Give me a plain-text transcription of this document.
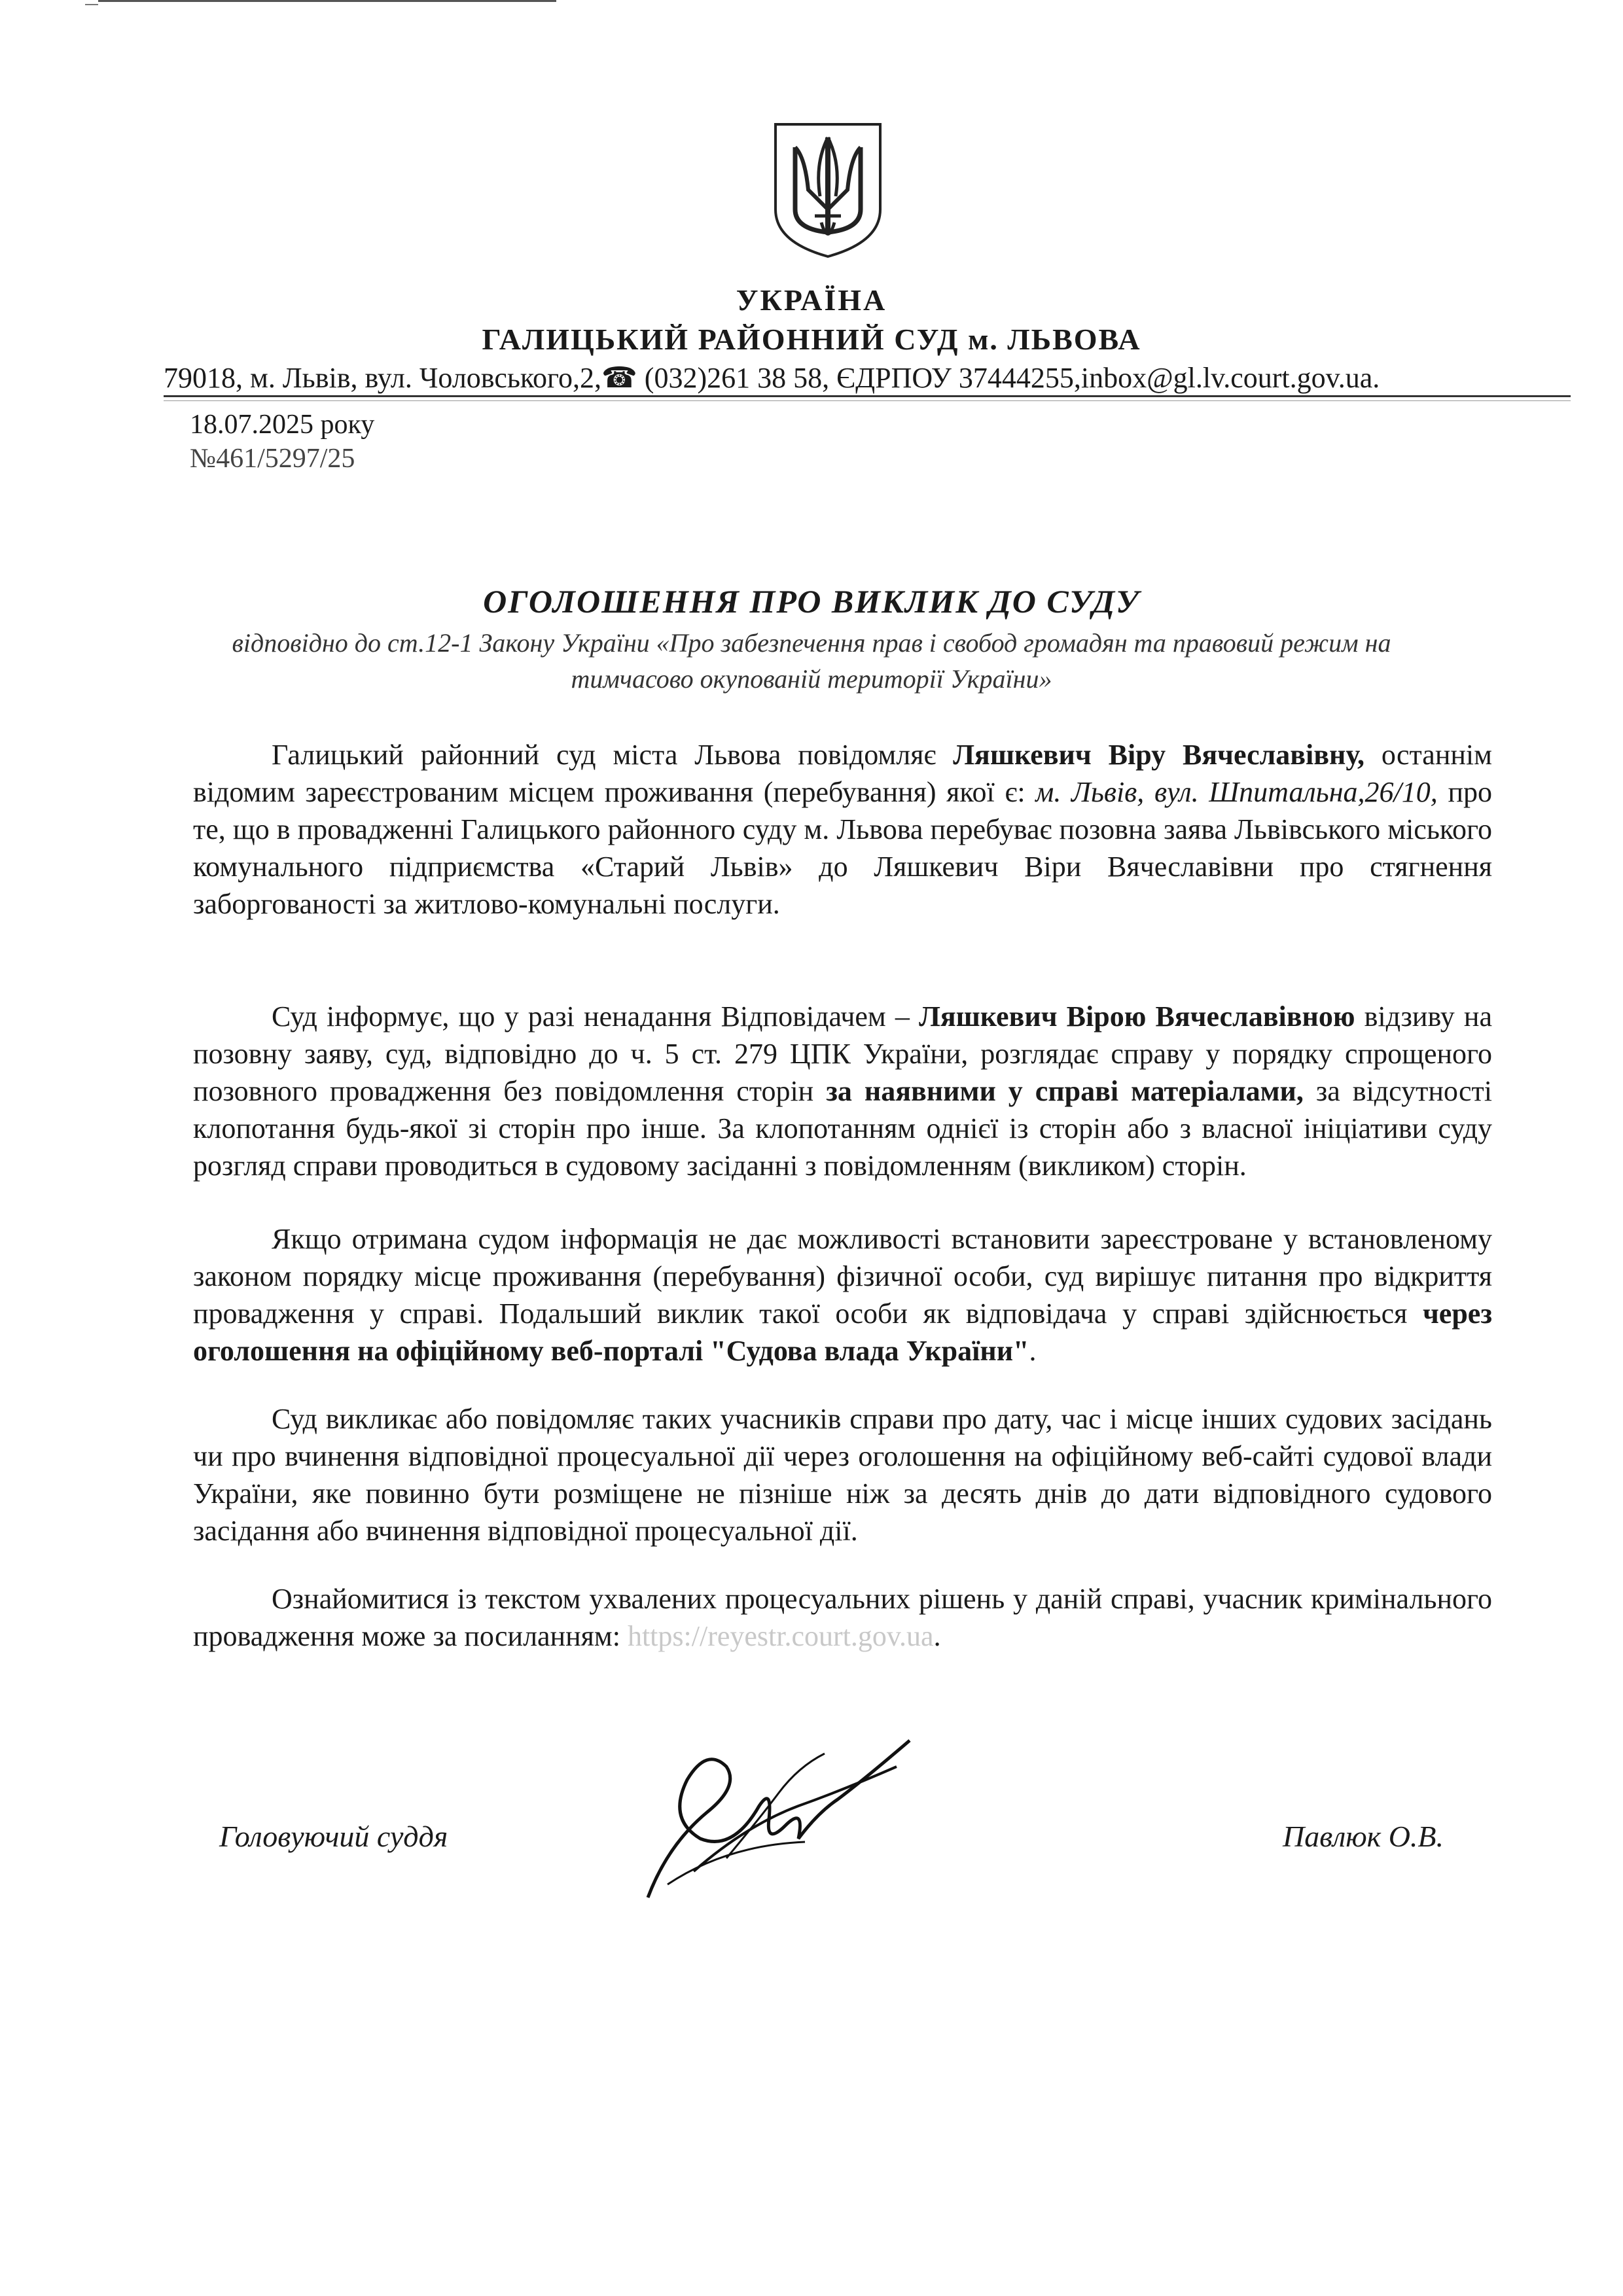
УКРАЇНА
ГАЛИЦЬКИЙ РАЙОННИЙ СУД м. ЛЬВОВА
79018, м. Львів, вул. Чоловського,2,☎ (032)261 38 58, ЄДРПОУ 37444255,inbox@gl.lv.court.gov.ua.
18.07.2025 року
№461/5297/25
ОГОЛОШЕННЯ ПРО ВИКЛИК ДО СУДУ
відповідно до ст.12-1 Закону України «Про забезпечення прав і свобод громадян та правовий режим на тимчасово окупованій території України»
Галицький районний суд міста Львова повідомляє Ляшкевич Віру Вячеславівну, останнім відомим зареєстрованим місцем проживання (перебування) якої є: м. Львів, вул. Шпитальна,26/10, про те, що в провадженні Галицького районного суду м. Львова перебуває позовна заява Львівського міського комунального підприємства «Старий Львів» до Ляшкевич Віри Вячеславівни про стягнення заборгованості за житлово-комунальні послуги.
Суд інформує, що у разі ненадання Відповідачем – Ляшкевич Вірою Вячеславівною відзиву на позовну заяву, суд, відповідно до ч. 5 ст. 279 ЦПК України, розглядає справу у порядку спрощеного позовного провадження без повідомлення сторін за наявними у справі матеріалами, за відсутності клопотання будь-якої зі сторін про інше. За клопотанням однієї із сторін або з власної ініціативи суду розгляд справи проводиться в судовому засіданні з повідомленням (викликом) сторін.
Якщо отримана судом інформація не дає можливості встановити зареєстроване у встановленому законом порядку місце проживання (перебування) фізичної особи, суд вирішує питання про відкриття провадження у справі. Подальший виклик такої особи як відповідача у справі здійснюється через оголошення на офіційному веб-порталі "Судова влада України".
Суд викликає або повідомляє таких учасників справи про дату, час і місце інших судових засідань чи про вчинення відповідної процесуальної дії через оголошення на офіційному веб-сайті судової влади України, яке повинно бути розміщене не пізніше ніж за десять днів до дати відповідного судового засідання або вчинення відповідної процесуальної дії.
Ознайомитися із текстом ухвалених процесуальних рішень у даній справі, учасник кримінального провадження може за посиланням: https://reyestr.court.gov.ua.
Головуючий суддя	Павлюк О.В.
